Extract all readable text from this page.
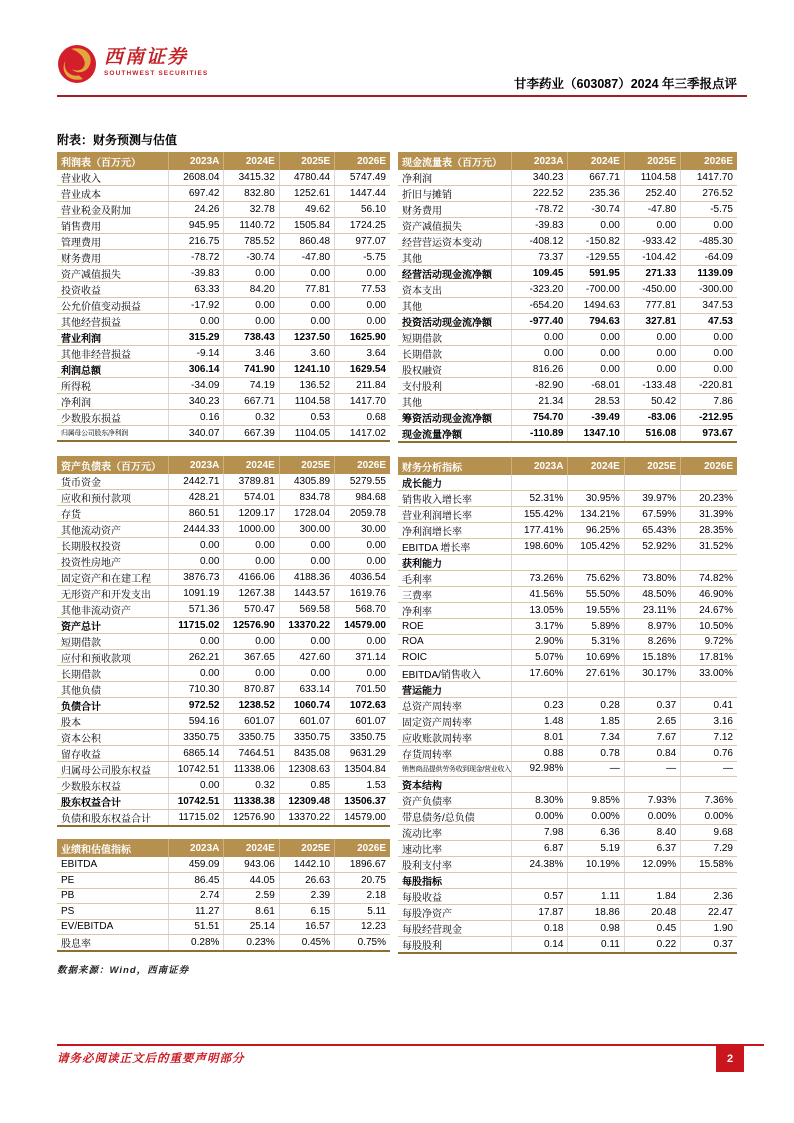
西南证券
SOUTHWEST SECURITIES
甘李药业（603087）2024 年三季报点评
附表：财务预测与估值
利润表（百万元）	2023A	2024E	2025E	2026E
营业收入	2608.04	3415.32	4780.44	5747.49
营业成本	697.42	832.80	1252.61	1447.44
营业税金及附加	24.26	32.78	49.62	56.10
销售费用	945.95	1140.72	1505.84	1724.25
管理费用	216.75	785.52	860.48	977.07
财务费用	-78.72	-30.74	-47.80	-5.75
资产减值损失	-39.83	0.00	0.00	0.00
投资收益	63.33	84.20	77.81	77.53
公允价值变动损益	-17.92	0.00	0.00	0.00
其他经营损益	0.00	0.00	0.00	0.00
营业利润	315.29	738.43	1237.50	1625.90
其他非经营损益	-9.14	3.46	3.60	3.64
利润总额	306.14	741.90	1241.10	1629.54
所得税	-34.09	74.19	136.52	211.84
净利润	340.23	667.71	1104.58	1417.70
少数股东损益	0.16	0.32	0.53	0.68
归属母公司股东净利润	340.07	667.39	1104.05	1417.02
资产负债表（百万元）	2023A	2024E	2025E	2026E
货币资金	2442.71	3789.81	4305.89	5279.55
应收和预付款项	428.21	574.01	834.78	984.68
存货	860.51	1209.17	1728.04	2059.78
其他流动资产	2444.33	1000.00	300.00	30.00
长期股权投资	0.00	0.00	0.00	0.00
投资性房地产	0.00	0.00	0.00	0.00
固定资产和在建工程	3876.73	4166.06	4188.36	4036.54
无形资产和开发支出	1091.19	1267.38	1443.57	1619.76
其他非流动资产	571.36	570.47	569.58	568.70
资产总计	11715.02	12576.90	13370.22	14579.00
短期借款	0.00	0.00	0.00	0.00
应付和预收款项	262.21	367.65	427.60	371.14
长期借款	0.00	0.00	0.00	0.00
其他负债	710.30	870.87	633.14	701.50
负债合计	972.52	1238.52	1060.74	1072.63
股本	594.16	601.07	601.07	601.07
资本公积	3350.75	3350.75	3350.75	3350.75
留存收益	6865.14	7464.51	8435.08	9631.29
归属母公司股东权益	10742.51	11338.06	12308.63	13504.84
少数股东权益	0.00	0.32	0.85	1.53
股东权益合计	10742.51	11338.38	12309.48	13506.37
负债和股东权益合计	11715.02	12576.90	13370.22	14579.00
业绩和估值指标	2023A	2024E	2025E	2026E
EBITDA	459.09	943.06	1442.10	1896.67
PE	86.45	44.05	26.63	20.75
PB	2.74	2.59	2.39	2.18
PS	11.27	8.61	6.15	5.11
EV/EBITDA	51.51	25.14	16.57	12.23
股息率	0.28%	0.23%	0.45%	0.75%
数据来源：Wind，西南证券
现金流量表（百万元）	2023A	2024E	2025E	2026E
净利润	340.23	667.71	1104.58	1417.70
折旧与摊销	222.52	235.36	252.40	276.52
财务费用	-78.72	-30.74	-47.80	-5.75
资产减值损失	-39.83	0.00	0.00	0.00
经营营运资本变动	-408.12	-150.82	-933.42	-485.30
其他	73.37	-129.55	-104.42	-64.09
经营活动现金流净额	109.45	591.95	271.33	1139.09
资本支出	-323.20	-700.00	-450.00	-300.00
其他	-654.20	1494.63	777.81	347.53
投资活动现金流净额	-977.40	794.63	327.81	47.53
短期借款	0.00	0.00	0.00	0.00
长期借款	0.00	0.00	0.00	0.00
股权融资	816.26	0.00	0.00	0.00
支付股利	-82.90	-68.01	-133.48	-220.81
其他	21.34	28.53	50.42	7.86
筹资活动现金流净额	754.70	-39.49	-83.06	-212.95
现金流量净额	-110.89	1347.10	516.08	973.67
财务分析指标	2023A	2024E	2025E	2026E
成长能力				
销售收入增长率	52.31%	30.95%	39.97%	20.23%
营业利润增长率	155.42%	134.21%	67.59%	31.39%
净利润增长率	177.41%	96.25%	65.43%	28.35%
EBITDA 增长率	198.60%	105.42%	52.92%	31.52%
获利能力				
毛利率	73.26%	75.62%	73.80%	74.82%
三费率	41.56%	55.50%	48.50%	46.90%
净利率	13.05%	19.55%	23.11%	24.67%
ROE	3.17%	5.89%	8.97%	10.50%
ROA	2.90%	5.31%	8.26%	9.72%
ROIC	5.07%	10.69%	15.18%	17.81%
EBITDA/销售收入	17.60%	27.61%	30.17%	33.00%
营运能力				
总资产周转率	0.23	0.28	0.37	0.41
固定资产周转率	1.48	1.85	2.65	3.16
应收账款周转率	8.01	7.34	7.67	7.12
存货周转率	0.88	0.78	0.84	0.76
销售商品提供劳务收到现金/营业收入	92.98%	—	—	—
资本结构				
资产负债率	8.30%	9.85%	7.93%	7.36%
带息债务/总负债	0.00%	0.00%	0.00%	0.00%
流动比率	7.98	6.36	8.40	9.68
速动比率	6.87	5.19	6.37	7.29
股利支付率	24.38%	10.19%	12.09%	15.58%
每股指标				
每股收益	0.57	1.11	1.84	2.36
每股净资产	17.87	18.86	20.48	22.47
每股经营现金	0.18	0.98	0.45	1.90
每股股利	0.14	0.11	0.22	0.37
请务必阅读正文后的重要声明部分	2
